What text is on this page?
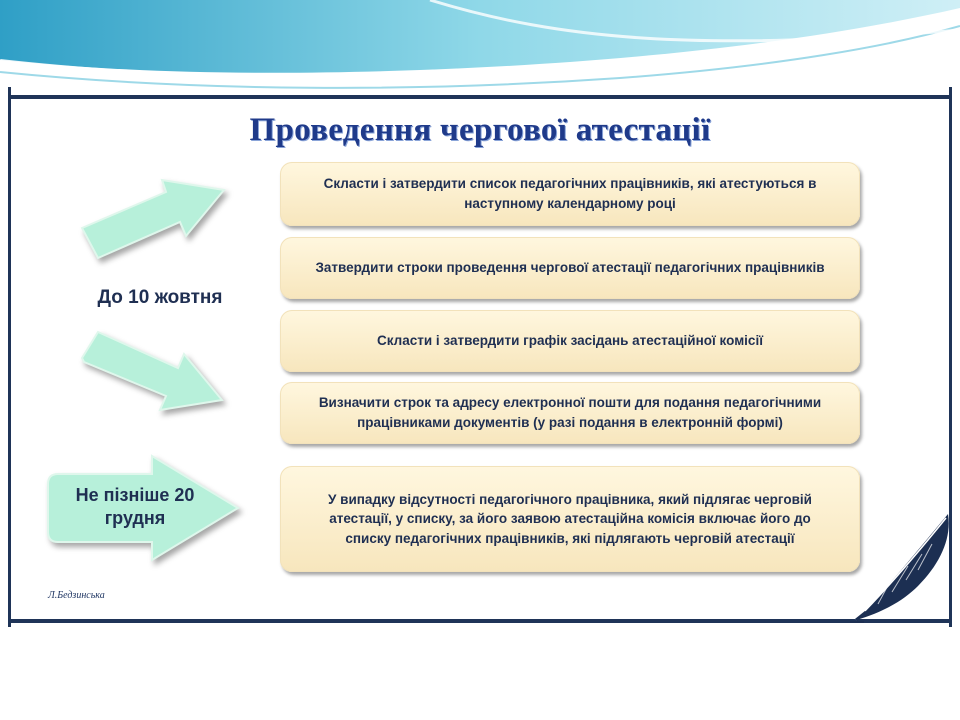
Проведення чергової атестації
До 10 жовтня
Не пізніше 20
грудня
Скласти і затвердити список педагогічних працівників, які атестуються в наступному календарному році
Затвердити строки проведення чергової атестації педагогічних працівників
Скласти і затвердити графік засідань атестаційної комісії
Визначити строк та адресу електронної пошти для подання педагогічними працівниками документів (у разі подання в електронній формі)
У випадку відсутності педагогічного працівника, який підлягає черговій атестації, у списку, за його заявою атестаційна комісія включає його до списку педагогічних працівників, які підлягають черговій атестації
Л.Бедзинська
